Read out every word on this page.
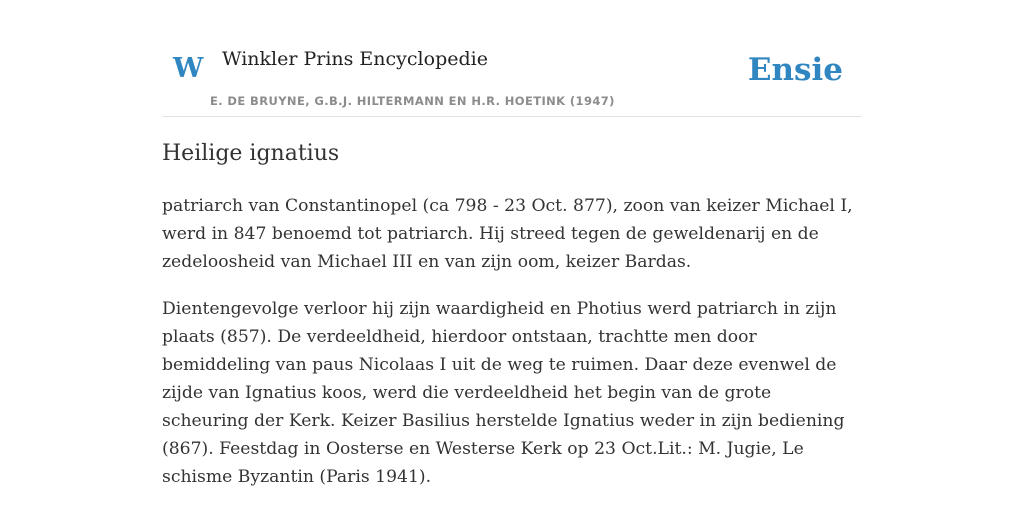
W Winkler Prins Encyclopedie
E. DE BRUYNE, G.B.J. HILTERMANN EN H.R. HOETINK (1947)
Ensie
Heilige ignatius

patriarch van Constantinopel (ca 798 - 23 Oct. 877), zoon van keizer Michael I, werd in 847 benoemd tot patriarch. Hij streed tegen de geweldenarij en de zedeloosheid van Michael III en van zijn oom, keizer Bardas.

Dientengevolge verloor hij zijn waardigheid en Photius werd patriarch in zijn plaats (857). De verdeeldheid, hierdoor ontstaan, trachtte men door bemiddeling van paus Nicolaas I uit de weg te ruimen. Daar deze evenwel de zijde van Ignatius koos, werd die verdeeldheid het begin van de grote scheuring der Kerk. Keizer Basilius herstelde Ignatius weder in zijn bediening (867). Feestdag in Oosterse en Westerse Kerk op 23 Oct.Lit.: M. Jugie, Le schisme Byzantin (Paris 1941).
